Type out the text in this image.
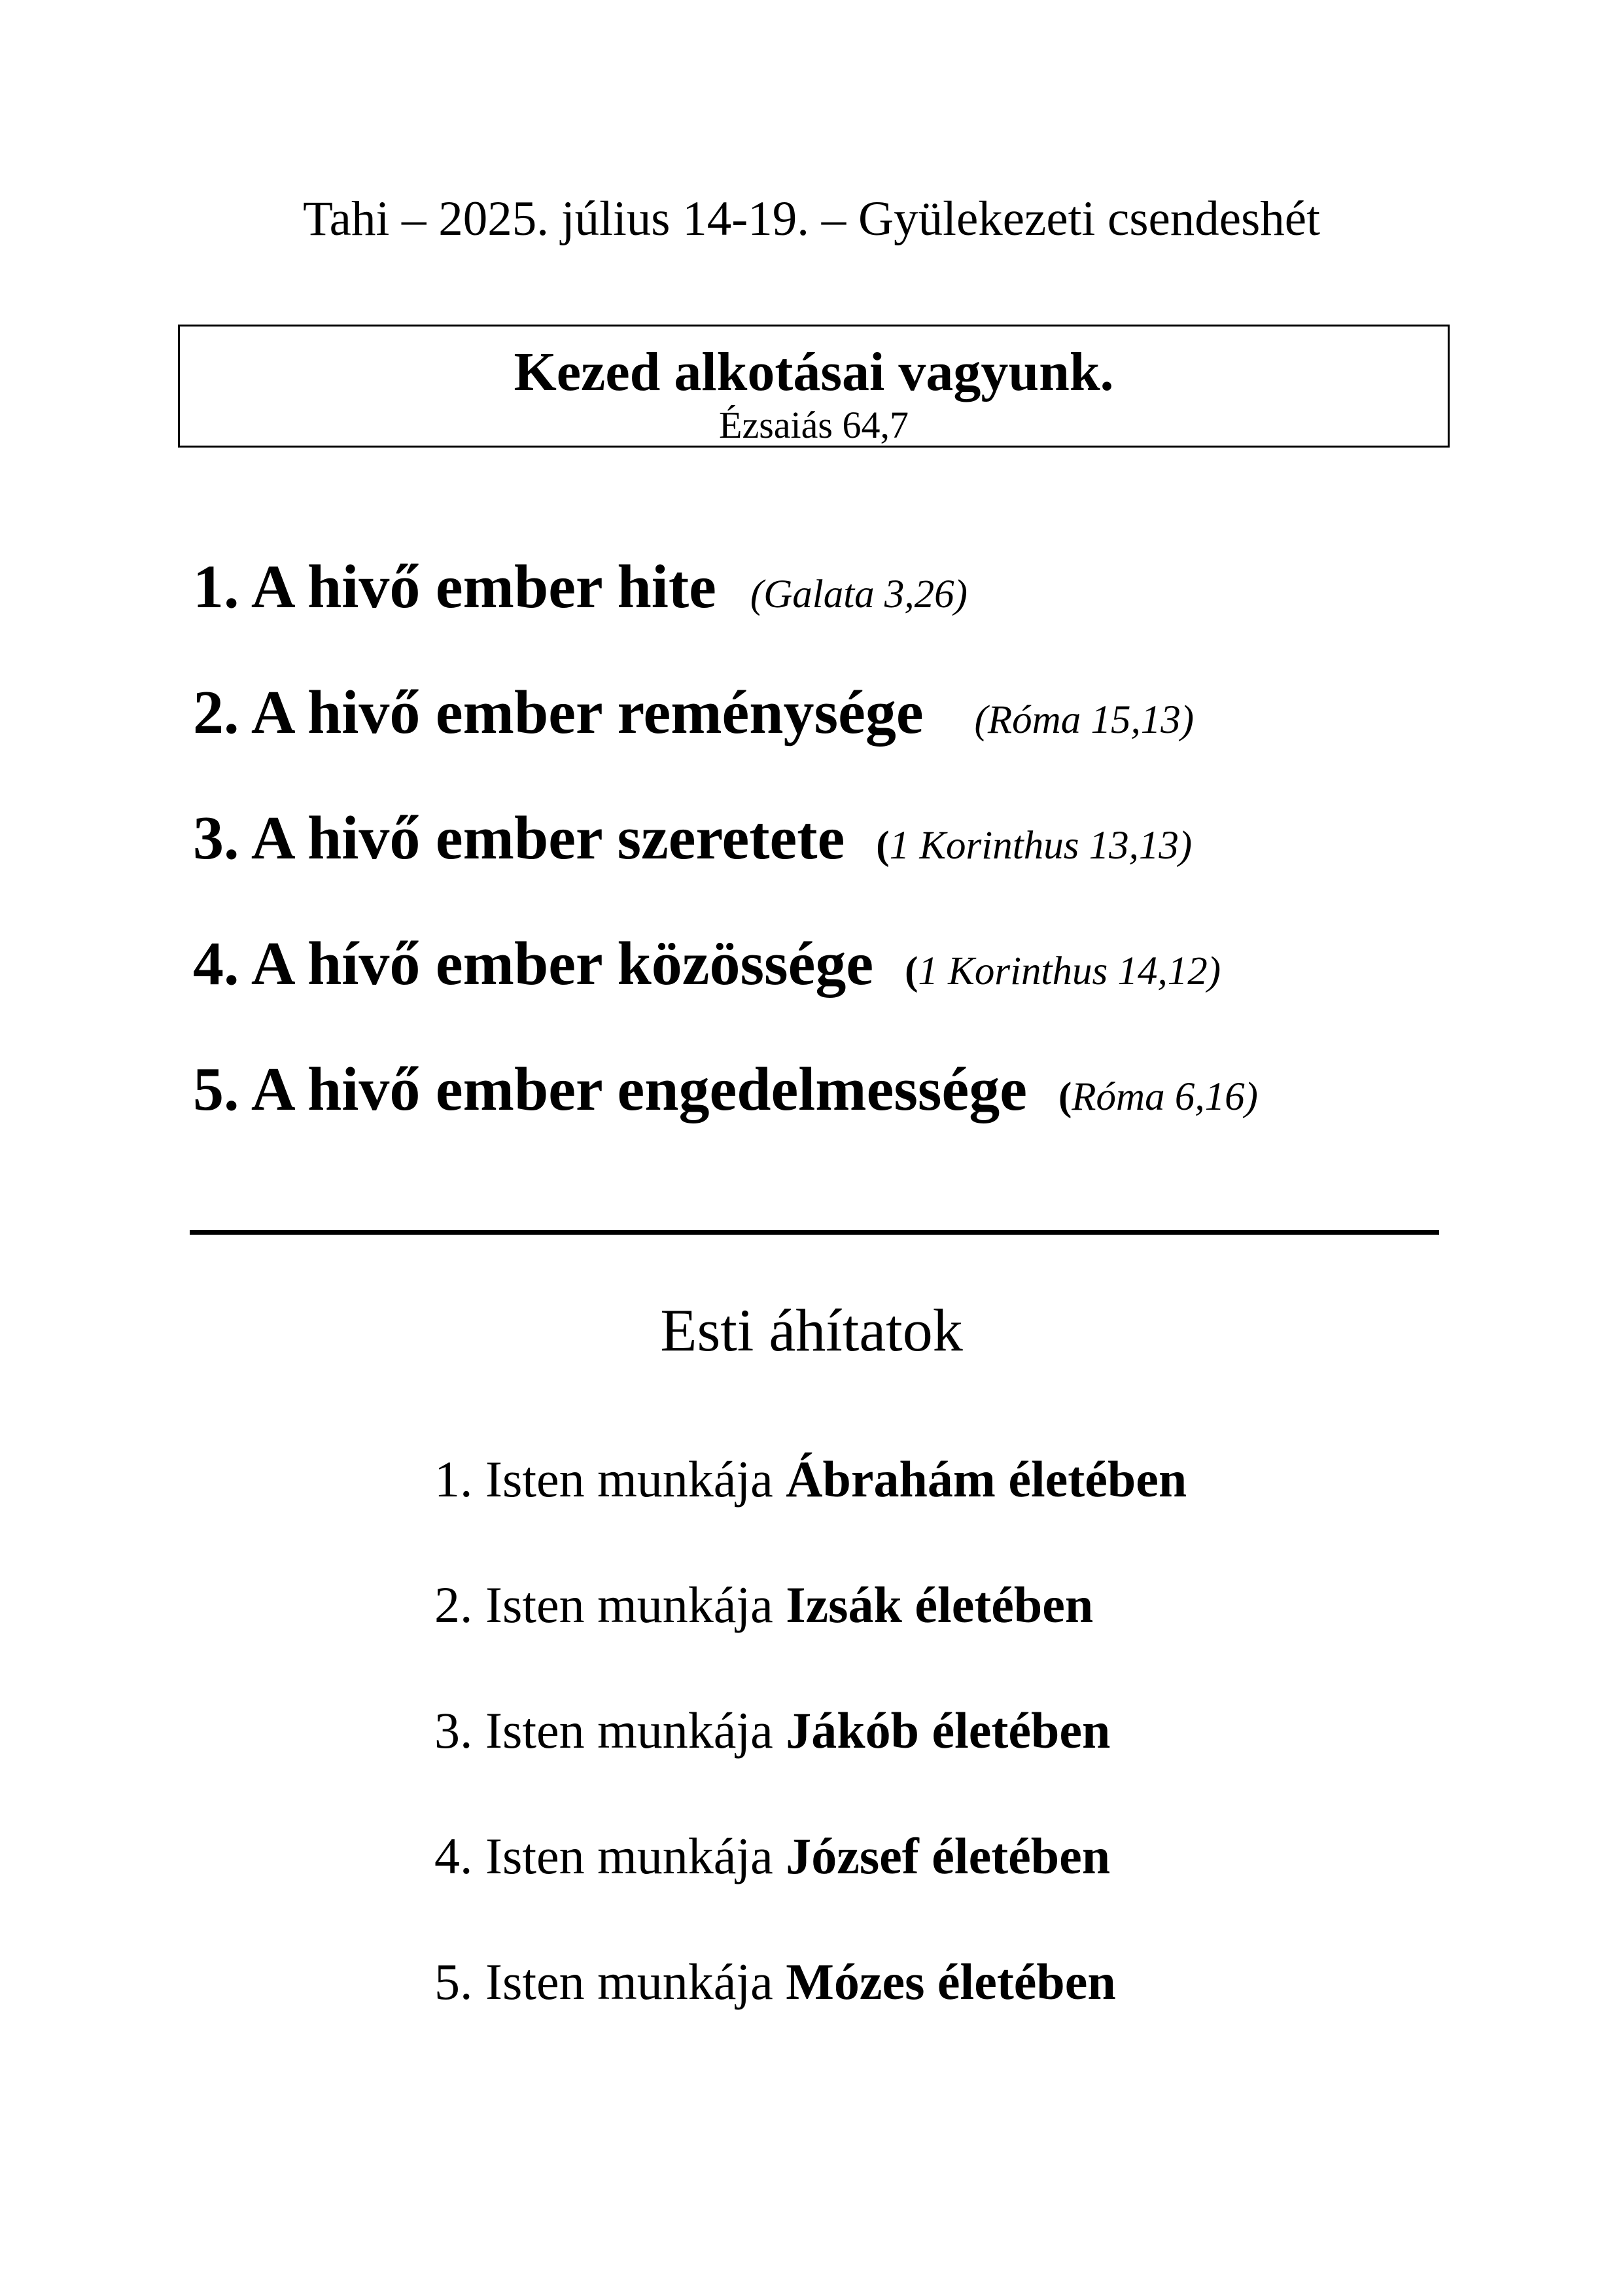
Tahi – 2025. július 14-19. – Gyülekezeti csendeshét
Kezed alkotásai vagyunk.
Ézsaiás 64,7
1. A hivő ember hite (Galata 3,26)
2. A hivő ember reménysége (Róma 15,13)
3. A hivő ember szeretete (1 Korinthus 13,13)
4. A hívő ember közössége (1 Korinthus 14,12)
5. A hivő ember engedelmessége (Róma 6,16)
Esti áhítatok
1. Isten munkája Ábrahám életében
2. Isten munkája Izsák életében
3. Isten munkája Jákób életében
4. Isten munkája József életében
5. Isten munkája Mózes életében
